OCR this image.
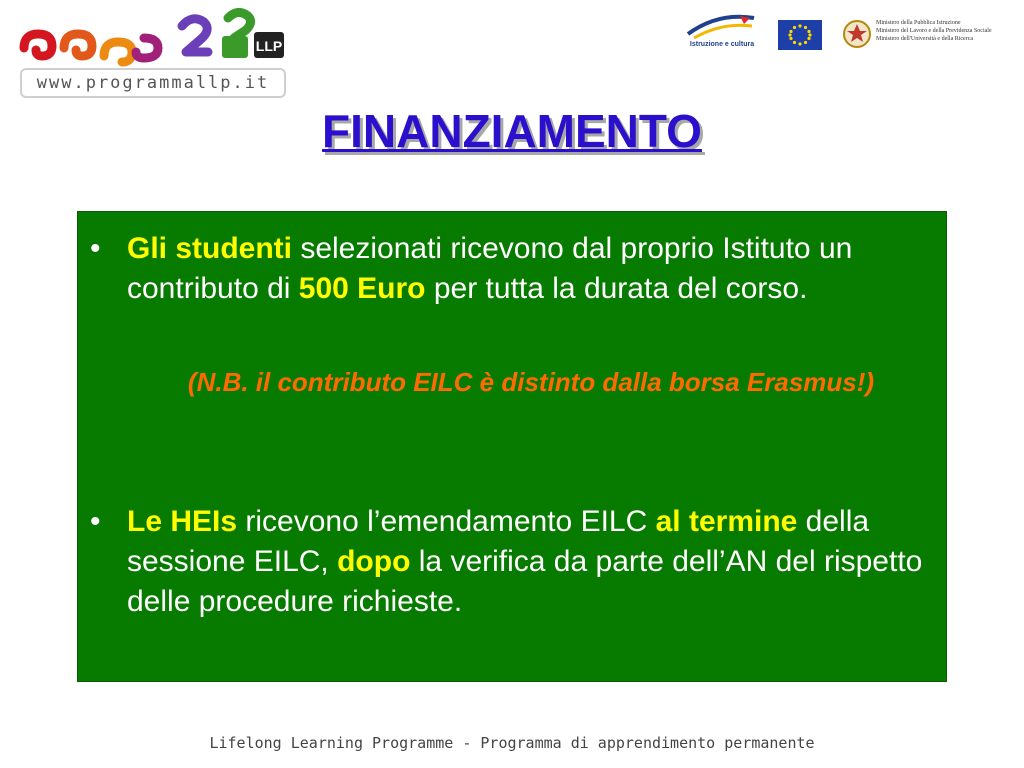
LLP
www.programmallp.it
Istruzione e cultura
Ministero della Pubblica Istruzione
Ministero del Lavoro e della Previdenza Sociale
Ministero dell'Università e della Ricerca
FINANZIAMENTO
• Gli studenti selezionati ricevono dal proprio Istituto un contributo di 500 Euro per tutta la durata del corso.
(N.B. il contributo EILC è distinto dalla borsa Erasmus!)
• Le HEIs ricevono l’emendamento EILC al termine della sessione EILC, dopo la verifica da parte dell’AN del rispetto delle procedure richieste.
Lifelong Learning Programme - Programma di apprendimento permanente
